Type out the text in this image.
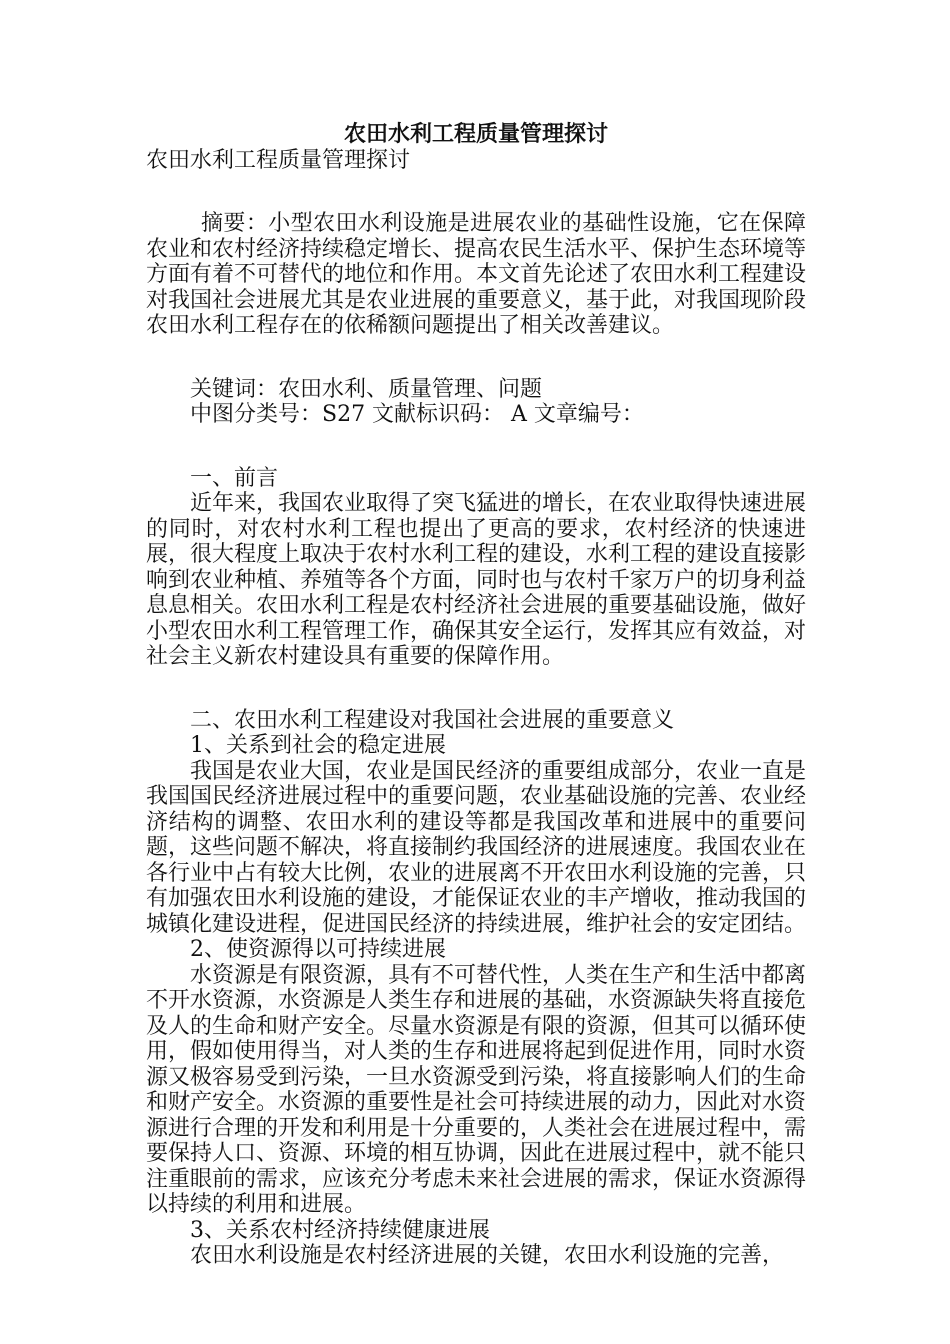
农田水利工程质量管理探讨

农田水利工程质量管理探讨

摘要：小型农田水利设施是进展农业的基础性设施，它在保障农业和农村经济持续稳定增长、提高农民生活水平、保护生态环境等方面有着不可替代的地位和作用。本文首先论述了农田水利工程建设对我国社会进展尤其是农业进展的重要意义，基于此，对我国现阶段农田水利工程存在的依稀额问题提出了相关改善建议。

关键词：农田水利、质量管理、问题

中图分类号：S27 文献标识码： A 文章编号：

一、前言

近年来，我国农业取得了突飞猛进的增长，在农业取得快速进展的同时，对农村水利工程也提出了更高的要求，农村经济的快速进展，很大程度上取决于农村水利工程的建设，水利工程的建设直接影响到农业种植、养殖等各个方面，同时也与农村千家万户的切身利益息息相关。农田水利工程是农村经济社会进展的重要基础设施，做好小型农田水利工程管理工作，确保其安全运行，发挥其应有效益，对社会主义新农村建设具有重要的保障作用。

二、农田水利工程建设对我国社会进展的重要意义

1、关系到社会的稳定进展

我国是农业大国，农业是国民经济的重要组成部分，农业一直是我国国民经济进展过程中的重要问题，农业基础设施的完善、农业经济结构的调整、农田水利的建设等都是我国改革和进展中的重要问题，这些问题不解决，将直接制约我国经济的进展速度。我国农业在各行业中占有较大比例，农业的进展离不开农田水利设施的完善，只有加强农田水利设施的建设，才能保证农业的丰产增收，推动我国的城镇化建设进程，促进国民经济的持续进展，维护社会的安定团结。

2、使资源得以可持续进展

水资源是有限资源，具有不可替代性，人类在生产和生活中都离不开水资源，水资源是人类生存和进展的基础，水资源缺失将直接危及人的生命和财产安全。尽量水资源是有限的资源，但其可以循环使用，假如使用得当，对人类的生存和进展将起到促进作用，同时水资源又极容易受到污染，一旦水资源受到污染，将直接影响人们的生命和财产安全。水资源的重要性是社会可持续进展的动力，因此对水资源进行合理的开发和利用是十分重要的，人类社会在进展过程中，需要保持人口、资源、环境的相互协调，因此在进展过程中，就不能只注重眼前的需求，应该充分考虑未来社会进展的需求，保证水资源得以持续的利用和进展。

3、关系农村经济持续健康进展

农田水利设施是农村经济进展的关键，农田水利设施的完善，
